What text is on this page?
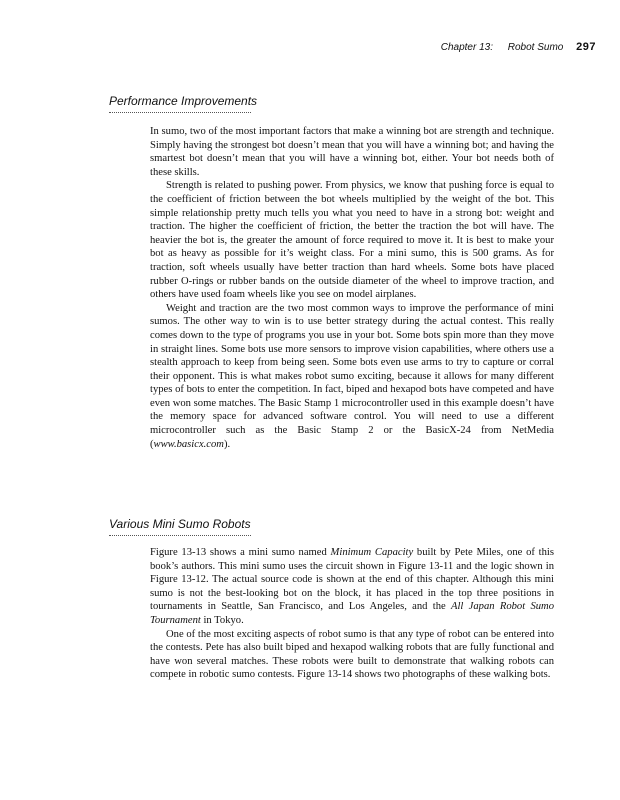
Chapter 13: Robot Sumo 297
Performance Improvements

In sumo, two of the most important factors that make a winning bot are strength and technique. Simply having the strongest bot doesn’t mean that you will have a winning bot; and having the smartest bot doesn’t mean that you will have a winning bot, either. Your bot needs both of these skills.

Strength is related to pushing power. From physics, we know that pushing force is equal to the coefficient of friction between the bot wheels multiplied by the weight of the bot. This simple relationship pretty much tells you what you need to have in a strong bot: weight and traction. The higher the coefficient of friction, the better the traction the bot will have. The heavier the bot is, the greater the amount of force required to move it. It is best to make your bot as heavy as possible for it’s weight class. For a mini sumo, this is 500 grams. As for traction, soft wheels usually have better traction than hard wheels. Some bots have placed rubber O-rings or rubber bands on the outside diameter of the wheel to improve traction, and others have used foam wheels like you see on model airplanes.

Weight and traction are the two most common ways to improve the performance of mini sumos. The other way to win is to use better strategy during the actual contest. This really comes down to the type of programs you use in your bot. Some bots spin more than they move in straight lines. Some bots use more sensors to improve vision capabilities, where others use a stealth approach to keep from being seen. Some bots even use arms to try to capture or corral their opponent. This is what makes robot sumo exciting, because it allows for many different types of bots to enter the competition. In fact, biped and hexapod bots have competed and have even won some matches. The Basic Stamp 1 microcontroller used in this example doesn’t have the memory space for advanced software control. You will need to use a different microcontroller such as the Basic Stamp 2 or the BasicX-24 from NetMedia (www.basicx.com).

Various Mini Sumo Robots

Figure 13-13 shows a mini sumo named Minimum Capacity built by Pete Miles, one of this book’s authors. This mini sumo uses the circuit shown in Figure 13-11 and the logic shown in Figure 13-12. The actual source code is shown at the end of this chapter. Although this mini sumo is not the best-looking bot on the block, it has placed in the top three positions in tournaments in Seattle, San Francisco, and Los Angeles, and the All Japan Robot Sumo Tournament in Tokyo.

One of the most exciting aspects of robot sumo is that any type of robot can be entered into the contests. Pete has also built biped and hexapod walking robots that are fully functional and have won several matches. These robots were built to demonstrate that walking robots can compete in robotic sumo contests. Figure 13-14 shows two photographs of these walking bots.
